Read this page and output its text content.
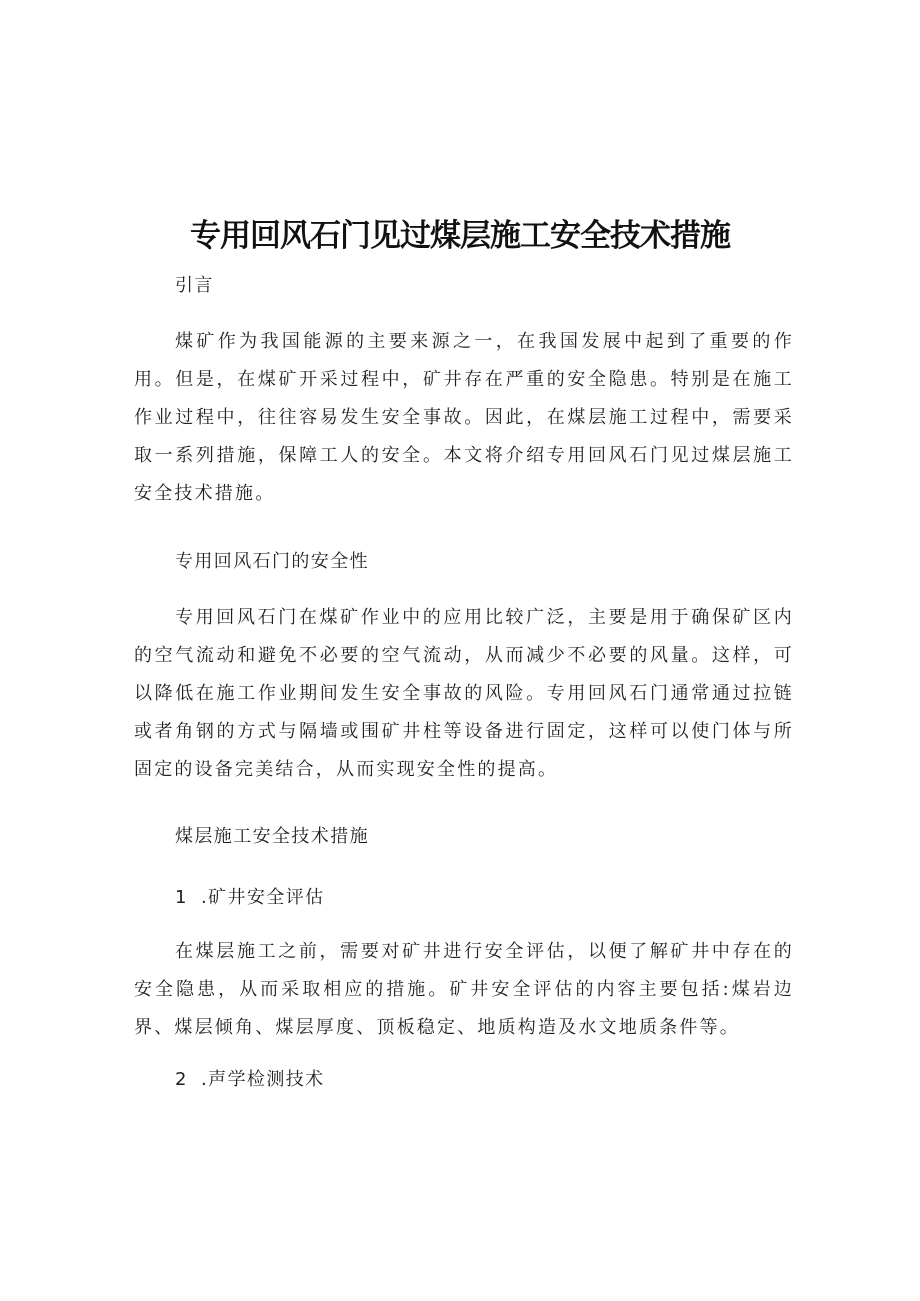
专用回风石门见过煤层施工安全技术措施

引言

煤矿作为我国能源的主要来源之一，在我国发展中起到了重要的作用。但是，在煤矿开采过程中，矿井存在严重的安全隐患。特别是在施工作业过程中，往往容易发生安全事故。因此，在煤层施工过程中，需要采取一系列措施，保障工人的安全。本文将介绍专用回风石门见过煤层施工安全技术措施。

专用回风石门的安全性

专用回风石门在煤矿作业中的应用比较广泛，主要是用于确保矿区内的空气流动和避免不必要的空气流动，从而减少不必要的风量。这样，可以降低在施工作业期间发生安全事故的风险。专用回风石门通常通过拉链或者角钢的方式与隔墙或围矿井柱等设备进行固定，这样可以使门体与所固定的设备完美结合，从而实现安全性的提高。

煤层施工安全技术措施

1 .矿井安全评估

在煤层施工之前，需要对矿井进行安全评估，以便了解矿井中存在的安全隐患，从而采取相应的措施。矿井安全评估的内容主要包括:煤岩边界、煤层倾角、煤层厚度、顶板稳定、地质构造及水文地质条件等。

2 .声学检测技术
